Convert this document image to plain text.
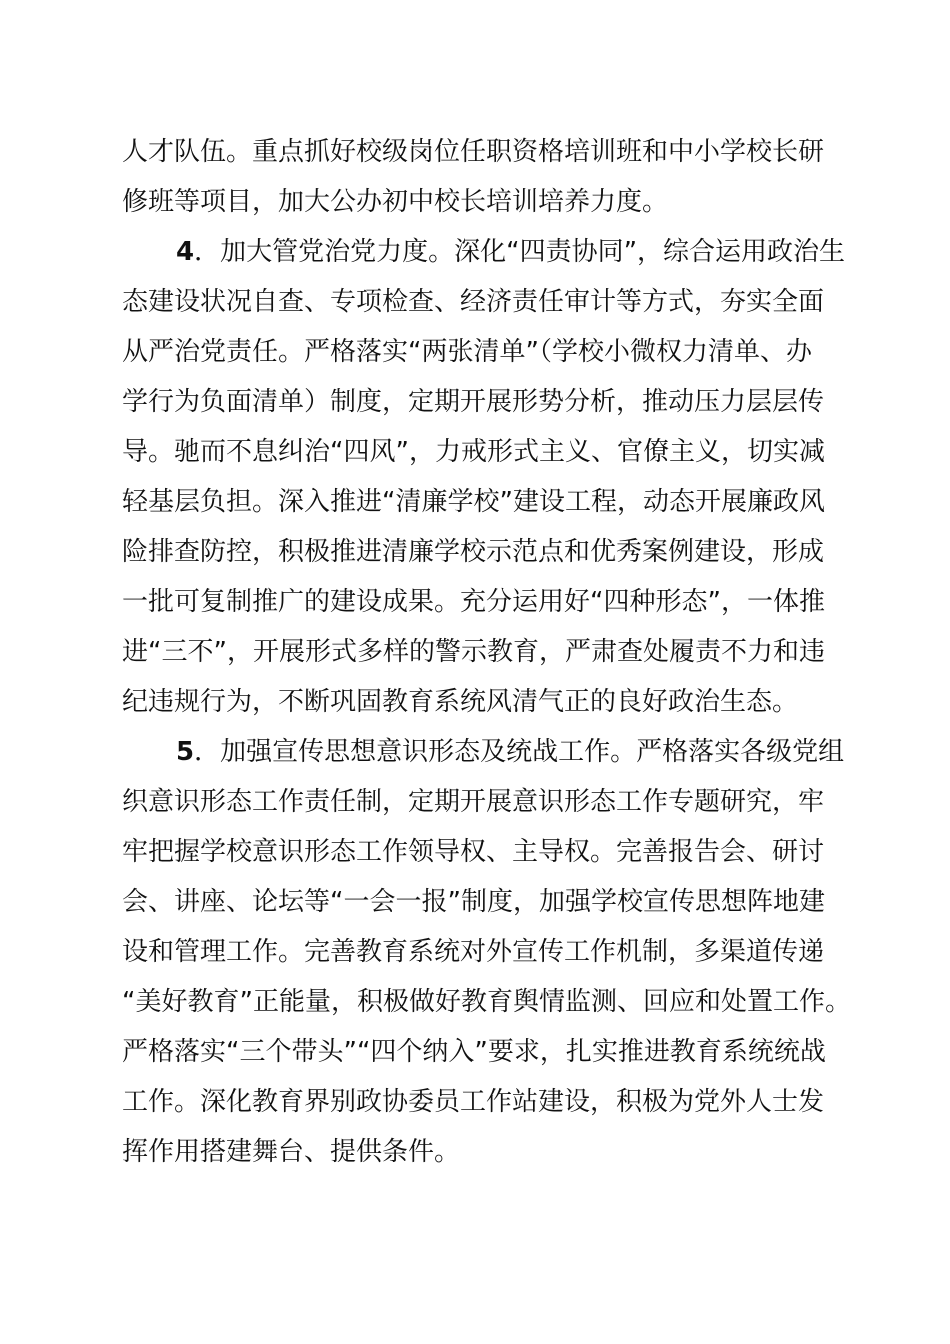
人才队伍。重点抓好校级岗位任职资格培训班和中小学校长研
修班等项目，加大公办初中校长培训培养力度。
4．加大管党治党力度。深化“四责协同”，综合运用政治生
态建设状况自查、专项检查、经济责任审计等方式，夯实全面
从严治党责任。严格落实“两张清单”（学校小微权力清单、办
学行为负面清单）制度，定期开展形势分析，推动压力层层传
导。驰而不息纠治“四风”，力戒形式主义、官僚主义，切实减
轻基层负担。深入推进“清廉学校”建设工程，动态开展廉政风
险排查防控，积极推进清廉学校示范点和优秀案例建设，形成
一批可复制推广的建设成果。充分运用好“四种形态”，一体推
进“三不”，开展形式多样的警示教育，严肃查处履责不力和违
纪违规行为，不断巩固教育系统风清气正的良好政治生态。
5．加强宣传思想意识形态及统战工作。严格落实各级党组
织意识形态工作责任制，定期开展意识形态工作专题研究，牢
牢把握学校意识形态工作领导权、主导权。完善报告会、研讨
会、讲座、论坛等“一会一报”制度，加强学校宣传思想阵地建
设和管理工作。完善教育系统对外宣传工作机制，多渠道传递
“美好教育”正能量，积极做好教育舆情监测、回应和处置工作。
严格落实“三个带头”“四个纳入”要求，扎实推进教育系统统战
工作。深化教育界别政协委员工作站建设，积极为党外人士发
挥作用搭建舞台、提供条件。
